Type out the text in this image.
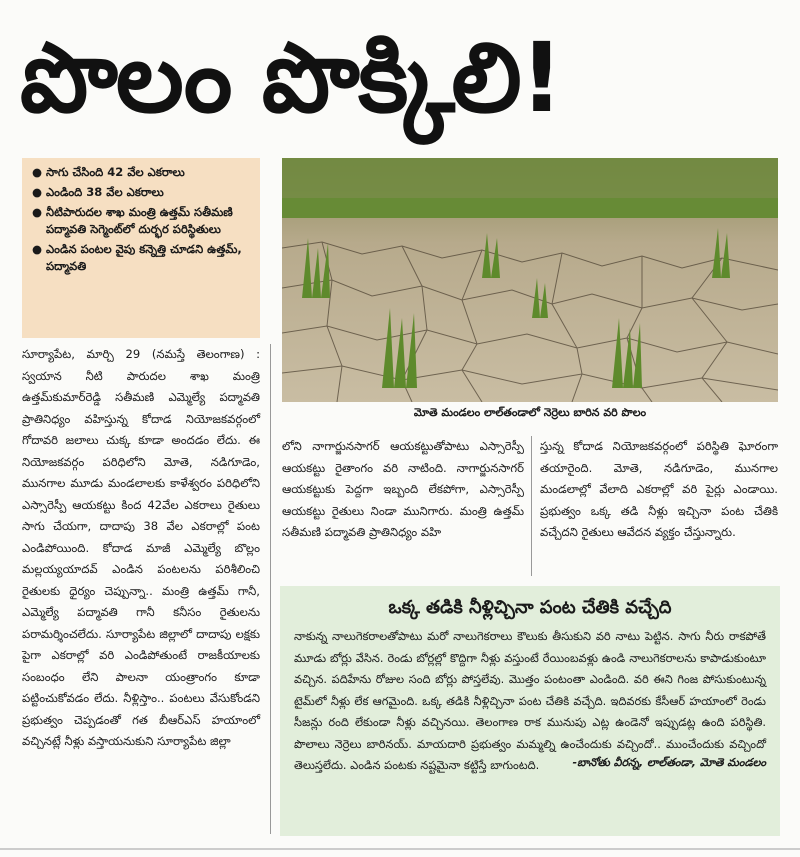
పొలం పొక్కిలి!
● సాగు చేసింది 42 వేల ఎకరాలు
● ఎండింది 38 వేల ఎకరాలు
● నీటిపారుదల శాఖ మంత్రి ఉత్తమ్ సతీమణి పద్మావతి సెగ్మెంట్‌లో దుర్భర పరిస్థితులు
● ఎండిన పంటల వైపు కన్నెత్తి చూడని ఉత్తమ్, పద్మావతి
మోతె మండలం లాల్‌తండాలో నెర్రెలు బారిన వరి పొలం
సూర్యాపేట, మార్చి 29 (నమస్తే తెలంగాణ) : స్వయాన నీటి పారుదల శాఖ మంత్రి ఉత్తమ్‌కుమార్‌రెడ్డి సతీమణి ఎమ్మెల్యే పద్మావతి ప్రాతినిధ్యం వహిస్తున్న కోదాడ నియోజకవర్గంలో గోదావరి జలాలు చుక్క కూడా అందడం లేదు. ఈ నియోజకవర్గం పరిధిలోని మోతె, నడిగూడెం, మునగాల మూడు మండలాలకు కాళేశ్వరం పరిధిలోని ఎస్సారెస్పీ ఆయకట్టు కింద 42వేల ఎకరాలు రైతులు సాగు చేయగా, దాదాపు 38 వేల ఎకరాల్లో పంట ఎండిపోయింది. కోదాడ మాజీ ఎమ్మెల్యే బొల్లం మల్లయ్యయాదవ్ ఎండిన పంటలను పరిశీలించి రైతులకు ధైర్యం చెప్పున్నా.. మంత్రి ఉత్తమ్ గానీ, ఎమ్మెల్యే పద్మావతి గానీ కనీసం రైతులను పరామర్శించలేదు. సూర్యాపేట జిల్లాలో దాదాపు లక్షకు పైగా ఎకరాల్లో వరి ఎండిపోతుంటే రాజకీయాలకు సంబంధం లేని పాలనా యంత్రాంగం కూడా పట్టించుకోవడం లేదు. నీళ్లిస్తాం.. పంటలు వేసుకోండని ప్రభుత్వం చెప్పడంతో గత బీఆర్‌ఎస్ హయాంలో వచ్చినట్లే నీళ్లు వస్తాయనుకుని సూర్యాపేట జిల్లా
లోని నాగార్జునసాగర్ ఆయకట్టుతోపాటు ఎస్సారెస్పీ ఆయకట్టు రైతాంగం వరి నాటింది. నాగార్జునసాగర్ ఆయకట్టుకు పెద్దగా ఇబ్బంది లేకపోగా, ఎస్సారెస్పీ ఆయకట్టు రైతులు నిండా మునిగారు. మంత్రి ఉత్తమ్ సతీమణి పద్మావతి ప్రాతినిధ్యం వహి
స్తున్న కోదాడ నియోజకవర్గంలో పరిస్థితి ఘోరంగా తయారైంది. మోతె, నడిగూడెం, మునగాల మండలాల్లో వేలాది ఎకరాల్లో వరి పైర్లు ఎండాయి. ప్రభుత్వం ఒక్క తడి నీళ్లు ఇచ్చినా పంట చేతికి వచ్చేదని రైతులు ఆవేదన వ్యక్తం చేస్తున్నారు.
ఒక్క తడికి నీళ్లిచ్చినా పంట చేతికి వచ్చేది
నాకున్న నాలుగెకరాలతోపాటు మరో నాలుగెకరాలు కౌలుకు తీసుకుని వరి నాటు పెట్టిన. సాగు నీరు రాకపోతే మూడు బోర్లు వేసిన. రెండు బోర్లల్లో కొద్దిగా నీళ్లు వస్తుంటే రేయింబవళ్లు ఉండి నాలుగెకరాలను కాపాడుకుంటూ వచ్చిన. పదిహేను రోజుల సంది బోర్లు పోస్తలేవు. మొత్తం పంటంతా ఎండింది. వరి ఈని గింజ పోసుకుంటున్న టైమ్‌లో నీళ్లు లేక ఆగమైంది. ఒక్క తడికి నీళ్లిచ్చినా పంట చేతికి వచ్చేది. ఇదివరకు కేసీఆర్ హయాంలో రెండు సీజన్లు రంది లేకుండా నీళ్లు వచ్చినయి. తెలంగాణ రాక మునుపు ఎట్ల ఉండెనో ఇప్పుడట్ల ఉంది పరిస్థితి. పొలాలు నెర్రెలు బారినయ్. మాయదారి ప్రభుత్వం మమ్మల్ని ఉంచేందుకు వచ్చిందో.. ముంచేందుకు వచ్చిందో తెలుస్తలేదు. ఎండిన పంటకు నష్టమైనా కట్టిస్తే బాగుంటది.	-బానోతు వీరన్న, లాల్‌తండా, మోతె మండలం
